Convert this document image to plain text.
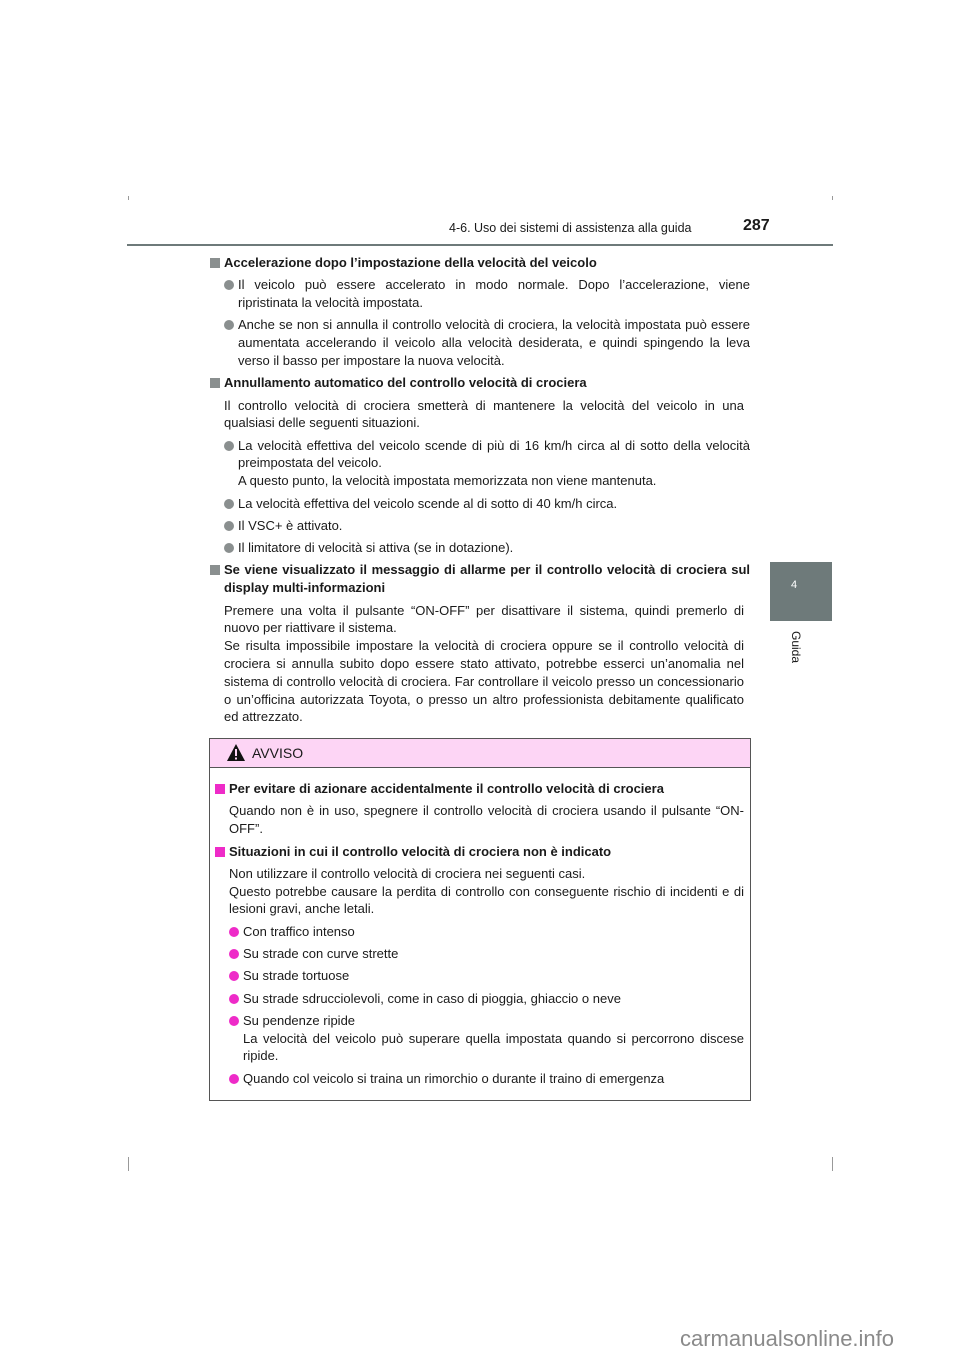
4-6. Uso dei sistemi di assistenza alla guida	287
4
Guida
Accelerazione dopo l’impostazione della velocità del veicolo
Il veicolo può essere accelerato in modo normale. Dopo l’accelerazione, viene ripristinata la velocità impostata.
Anche se non si annulla il controllo velocità di crociera, la velocità impostata può essere aumentata accelerando il veicolo alla velocità desiderata, e quindi spingendo la leva verso il basso per impostare la nuova velocità.
Annullamento automatico del controllo velocità di crociera
Il controllo velocità di crociera smetterà di mantenere la velocità del veicolo in una qualsiasi delle seguenti situazioni.
La velocità effettiva del veicolo scende di più di 16 km/h circa al di sotto della velocità preimpostata del veicolo.
A questo punto, la velocità impostata memorizzata non viene mantenuta.
La velocità effettiva del veicolo scende al di sotto di 40 km/h circa.
Il VSC+ è attivato.
Il limitatore di velocità si attiva (se in dotazione).
Se viene visualizzato il messaggio di allarme per il controllo velocità di crociera sul display multi-informazioni
Premere una volta il pulsante “ON-OFF” per disattivare il sistema, quindi premerlo di nuovo per riattivare il sistema.
Se risulta impossibile impostare la velocità di crociera oppure se il controllo velocità di crociera si annulla subito dopo essere stato attivato, potrebbe esserci un’anomalia nel sistema di controllo velocità di crociera. Far controllare il veicolo presso un concessionario o un’officina autorizzata Toyota, o presso un altro professionista debitamente qualificato ed attrezzato.
AVVISO
Per evitare di azionare accidentalmente il controllo velocità di crociera
Quando non è in uso, spegnere il controllo velocità di crociera usando il pulsante “ON-OFF”.
Situazioni in cui il controllo velocità di crociera non è indicato
Non utilizzare il controllo velocità di crociera nei seguenti casi.
Questo potrebbe causare la perdita di controllo con conseguente rischio di incidenti e di lesioni gravi, anche letali.
Con traffico intenso
Su strade con curve strette
Su strade tortuose
Su strade sdrucciolevoli, come in caso di pioggia, ghiaccio o neve
Su pendenze ripide
La velocità del veicolo può superare quella impostata quando si percorrono discese ripide.
Quando col veicolo si traina un rimorchio o durante il traino di emergenza
carmanualsonline.info
